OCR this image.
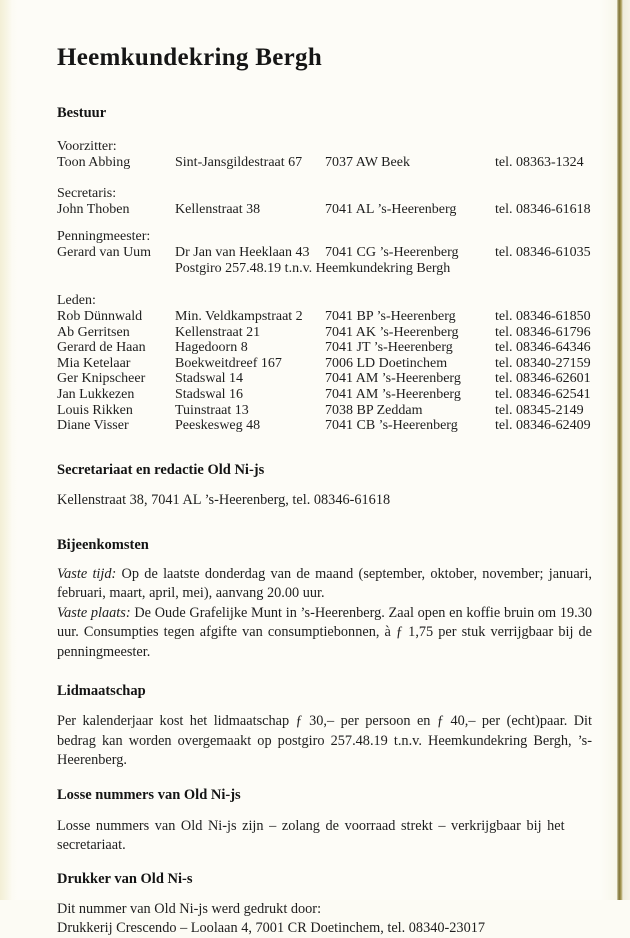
Heemkundekring Bergh
Bestuur
Voorzitter:
Toon Abbing	Sint-Jansgildestraat 67	7037 AW Beek	tel. 08363-1324
Secretaris:
John Thoben	Kellenstraat 38	7041 AL ’s-Heerenberg	tel. 08346-61618
Penningmeester:
Gerard van Uum	Dr Jan van Heeklaan 43	7041 CG ’s-Heerenberg	tel. 08346-61035
Postgiro 257.48.19 t.n.v. Heemkundekring Bergh
Leden:
Rob Dünnwald	Min. Veldkampstraat 2	7041 BP ’s-Heerenberg	tel. 08346-61850
Ab Gerritsen	Kellenstraat 21	7041 AK ’s-Heerenberg	tel. 08346-61796
Gerard de Haan	Hagedoorn 8	7041 JT ’s-Heerenberg	tel. 08346-64346
Mia Ketelaar	Boekweitdreef 167	7006 LD Doetinchem	tel. 08340-27159
Ger Knipscheer	Stadswal 14	7041 AM ’s-Heerenberg	tel. 08346-62601
Jan Lukkezen	Stadswal 16	7041 AM ’s-Heerenberg	tel. 08346-62541
Louis Rikken	Tuinstraat 13	7038 BP Zeddam	tel. 08345-2149
Diane Visser	Peeskesweg 48	7041 CB ’s-Heerenberg	tel. 08346-62409
Secretariaat en redactie Old Ni-js
Kellenstraat 38, 7041 AL ’s-Heerenberg, tel. 08346-61618
Bijeenkomsten

Vaste tijd: Op de laatste donderdag van de maand (september, oktober, november; januari, februari, maart, april, mei), aanvang 20.00 uur.

Vaste plaats: De Oude Grafelijke Munt in ’s-Heerenberg. Zaal open en koffie bruin om 19.30 uur. Consumpties tegen afgifte van consumptiebonnen, à ƒ 1,75 per stuk verrijgbaar bij de penningmeester.

Lidmaatschap

Per kalenderjaar kost het lidmaatschap ƒ 30,– per persoon en ƒ 40,– per (echt)paar. Dit bedrag kan worden overgemaakt op postgiro 257.48.19 t.n.v. Heemkundekring Bergh, ’s-Heerenberg.

Losse nummers van Old Ni-js
Losse nummers van Old Ni-js zijn – zolang de voorraad strekt – verkrijgbaar bij het secretariaat.
Drukker van Old Ni-s
Dit nummer van Old Ni-js werd gedrukt door:
Drukkerij Crescendo – Loolaan 4, 7001 CR Doetinchem, tel. 08340-23017
